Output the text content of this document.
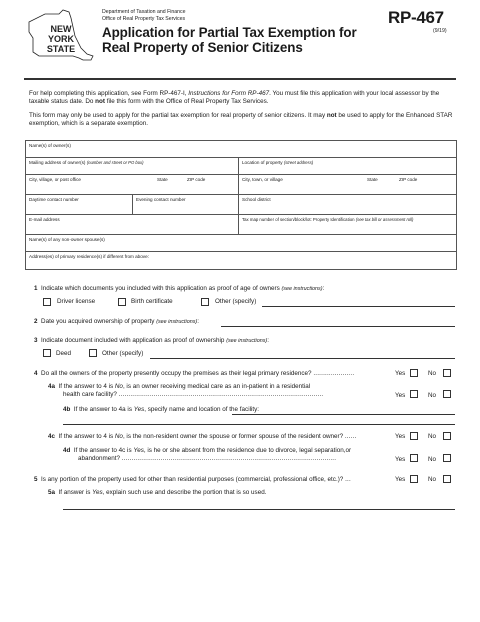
NEW
YORK
STATE
Department of Taxation and Finance
Office of Real Property Tax Services
Application for Partial Tax Exemption for
Real Property of Senior Citizens
RP-467
(9/19)
For help completing this application, see Form RP-467-I, Instructions for Form RP-467. You must file this application with your local assessor by the taxable status date. Do not file this form with the Office of Real Property Tax Services.
This form may only be used to apply for the partial tax exemption for real property of senior citizens. It may not be used to apply for the Enhanced STAR exemption, which is a separate exemption.
Name(s) of owner(s)
Mailing address of owner(s) (number and street or PO box)	Location of property (street address)
City, village, or post office	State	ZIP code	City, town, or village	State	ZIP code
Daytime contact number	Evening contact number	School district
E-mail address	Tax map number of section/block/lot: Property Identification (see tax bill or assessment roll)
Name(s) of any non-owner spouse(s)
Address(es) of primary residence(s) if different from above:
1 Indicate which documents you included with this application as proof of age of owners (see instructions):
Driver license	Birth certificate	Other (specify)
2 Date you acquired ownership of property (see instructions):
3 Indicate document included with application as proof of ownership (see instructions):
Deed	Other (specify)
4 Do all the owners of the property presently occupy the premises as their legal primary residence? .....................	Yes	No
4a If the answer to 4 is No, is an owner receiving medical care as an in-patient in a residential
health care facility? .........................................................................................................	Yes	No
4b If the answer to 4a is Yes, specify name and location of the facility:
4c If the answer to 4 is No, is the non-resident owner the spouse or former spouse of the resident owner? ......	Yes	No
4d If the answer to 4c is Yes, is he or she absent from the residence due to divorce, legal separation,or
abandonment? ..............................................................................................................	Yes	No
5 Is any portion of the property used for other than residential purposes (commercial, professional office, etc.)? ...	Yes	No
5a If answer is Yes, explain such use and describe the portion that is so used.
